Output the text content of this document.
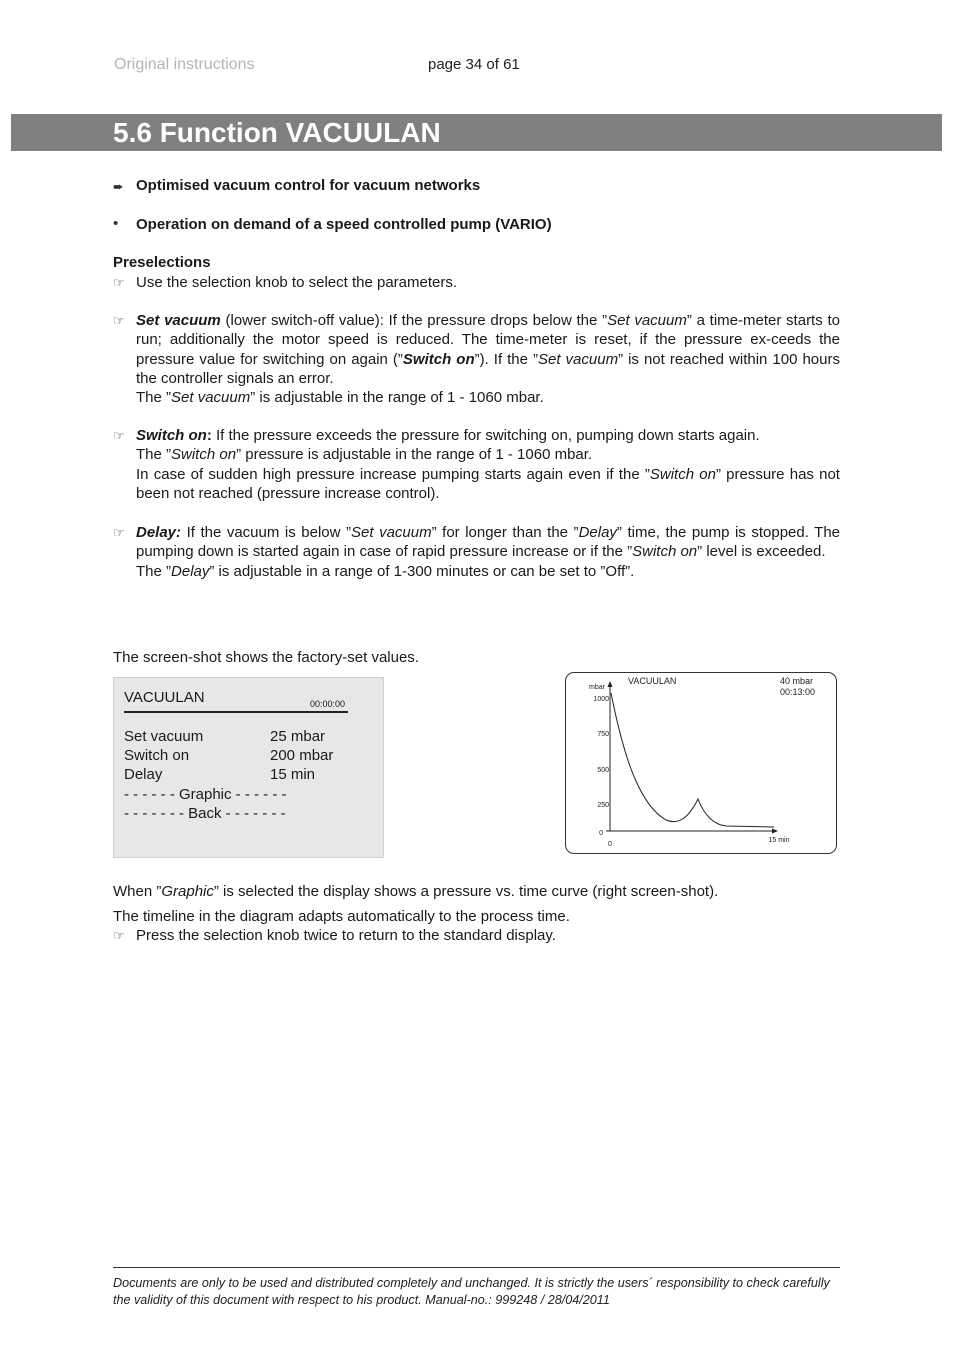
Original instructions	page 34 of 61
5.6 Function VACUULAN
➨ Optimised vacuum control for vacuum networks
• Operation on demand of a speed controlled pump (VARIO)
Preselections
☞ Use the selection knob to select the parameters.
☞ Set vacuum (lower switch-off value): If the pressure drops below the ”Set vacuum” a time-meter starts to run; additionally the motor speed is reduced. The time-meter is reset, if the pressure ex-ceeds the pressure value for switching on again (”Switch on”). If the ”Set vacuum” is not reached within 100 hours the controller signals an error.

The ”Set vacuum” is adjustable in the range of 1 - 1060 mbar.

☞ Switch on: If the pressure exceeds the pressure for switching on, pumping down starts again.

The ”Switch on” pressure is adjustable in the range of 1 - 1060 mbar.

In case of sudden high pressure increase pumping starts again even if the ”Switch on” pressure has not been not reached (pressure increase control).

☞ Delay: If the vacuum is below ”Set vacuum” for longer than the ”Delay” time, the pump is stopped. The pumping down is started again in case of rapid pressure increase or if the ”Switch on” level is exceeded.

The ”Delay” is adjustable in a range of 1-300 minutes or can be set to ”Off”.

The screen-shot shows the factory-set values.
VACUULAN	00:00:00
Set vacuum	25 mbar
Switch on	200 mbar
Delay	15 min
- - - - - - Graphic - - - - - -
- - - - - - - Back - - - - - - -
VACUULAN	40 mbar
00:13:00
mbar
1000
750
500
250
0
0
15 min
When ”Graphic” is selected the display shows a pressure vs. time curve (right screen-shot).
The timeline in the diagram adapts automatically to the process time.
☞ Press the selection knob twice to return to the standard display.
Documents are only to be used and distributed completely and unchanged. It is strictly the users´ responsibility to check carefully
the validity of this document with respect to his product. Manual-no.: 999248 / 28/04/2011
